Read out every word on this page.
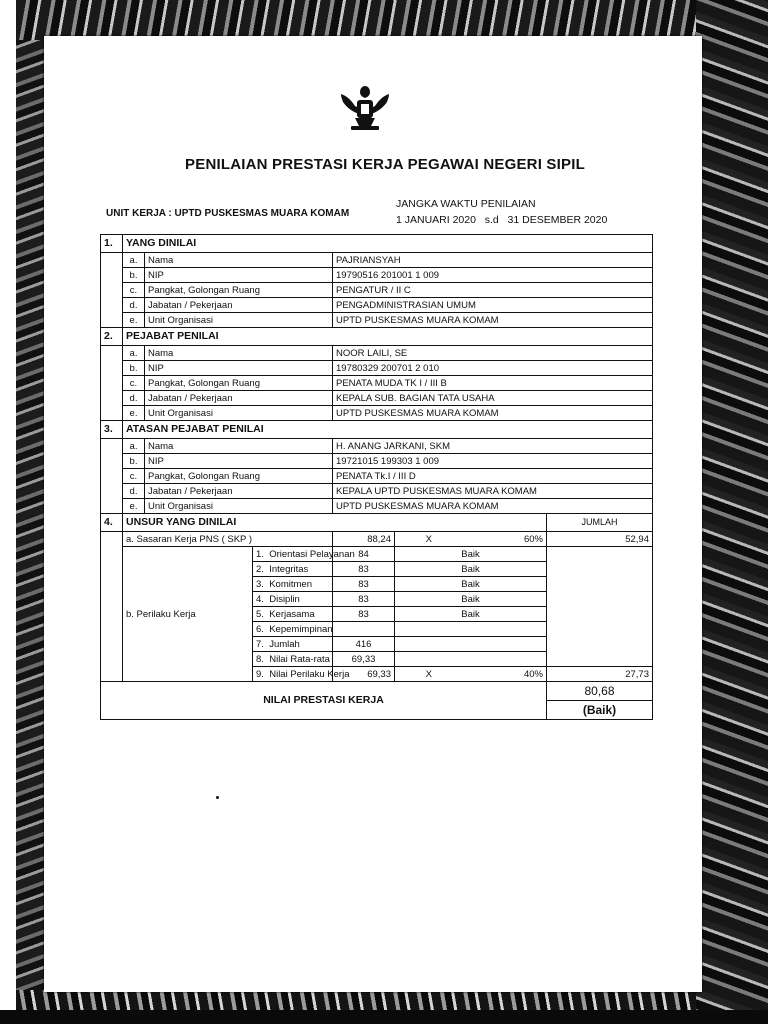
PENILAIAN PRESTASI KERJA PEGAWAI NEGERI SIPIL
UNIT KERJA : UPTD PUSKESMAS MUARA KOMAM
JANGKA WAKTU PENILAIAN
1 JANUARI 2020 s.d 31 DESEMBER 2020
1.	YANG DINILAI						
	a.	Nama		PAJRIANSYAH			
	b.	NIP		19790516 201001 1 009			
	c.	Pangkat, Golongan Ruang		PENGATUR / II C			
	d.	Jabatan / Pekerjaan		PENGADMINISTRASIAN UMUM			
	e.	Unit Organisasi		UPTD PUSKESMAS MUARA KOMAM			
2.	PEJABAT PENILAI						
	a.	Nama		NOOR LAILI, SE			
	b.	NIP		19780329 200701 2 010			
	c.	Pangkat, Golongan Ruang		PENATA MUDA TK I / III B			
	d.	Jabatan / Pekerjaan		KEPALA SUB. BAGIAN TATA USAHA			
	e.	Unit Organisasi		UPTD PUSKESMAS MUARA KOMAM			
3.	ATASAN PEJABAT PENILAI						
	a.	Nama		H. ANANG JARKANI, SKM			
	b.	NIP		19721015 199303 1 009			
	c.	Pangkat, Golongan Ruang		PENATA Tk.I / III D			
	d.	Jabatan / Pekerjaan		KEPALA UPTD PUSKESMAS MUARA KOMAM			
	e.	Unit Organisasi		UPTD PUSKESMAS MUARA KOMAM			
4.	UNSUR YANG DINILAI						JUMLAH
	a. Sasaran Kerja PNS ( SKP )			88,24	X	60%	52,94
	b. Perilaku Kerja		1. Orientasi Pelayanan	84	Baik		
			2. Integritas	83	Baik		
			3. Komitmen	83	Baik		
			4. Disiplin	83	Baik		
			5. Kerjasama	83	Baik		
			6. Kepemimpinan				
			7. Jumlah	416			
			8. Nilai Rata-rata	69,33			
			9. Nilai Perilaku Kerja	69,33	X	40%	27,73
NILAI PRESTASI KERJA							80,68
							(Baik)
